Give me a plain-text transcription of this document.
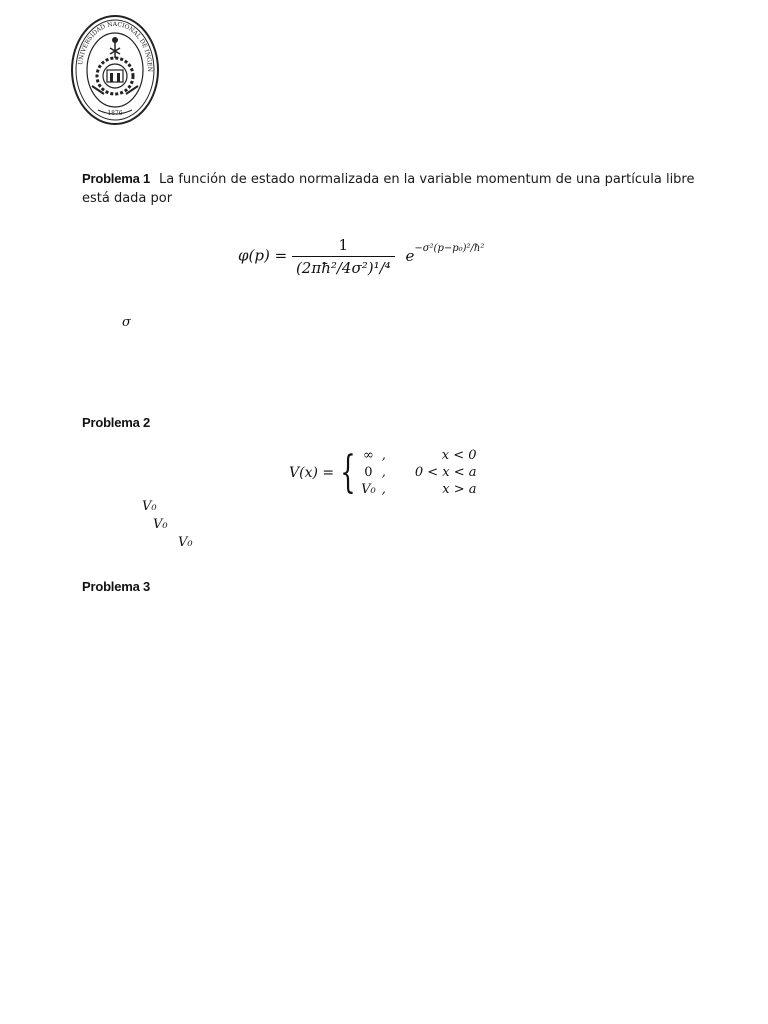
UNIVERSIDAD NACIONAL DE INGEN
1876
Problema 1 La función de estado normalizada en la variable momentum de una partícula libre
está dada por
$\varphi(p) = \frac{1}{\text{(2πħ²/4σ²)¹/⁴}} e^{-\sigma^2(p-p_0)^2/ħ^2}$
σ
Problema 2
V(x) = { ∞	,	x < 0
0	,	0 < x < a
V₀	,	x > a
V₀
V₀
V₀
Problema 3
